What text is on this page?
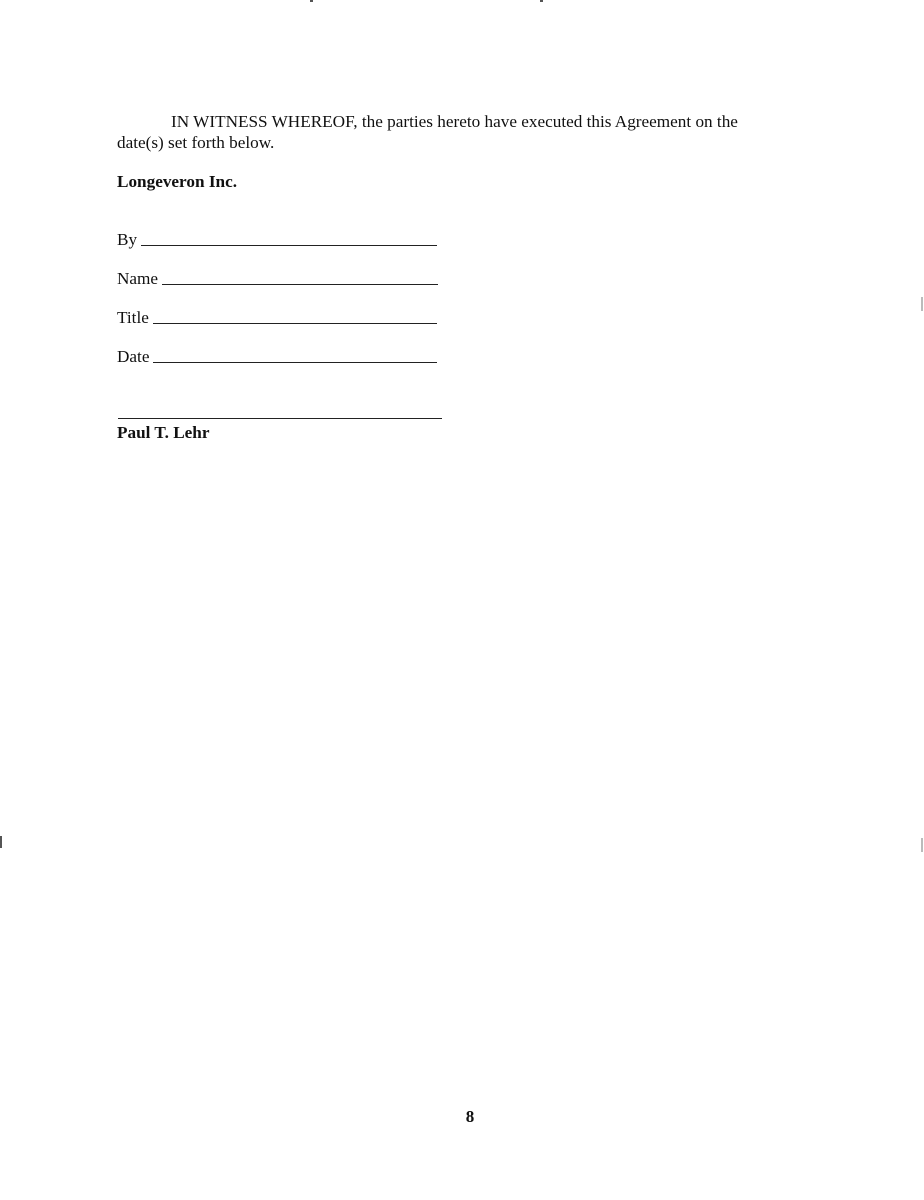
IN WITNESS WHEREOF, the parties hereto have executed this Agreement on the date(s) set forth below.

Longeveron Inc.

By
Name
Title
Date

Paul T. Lehr

8
